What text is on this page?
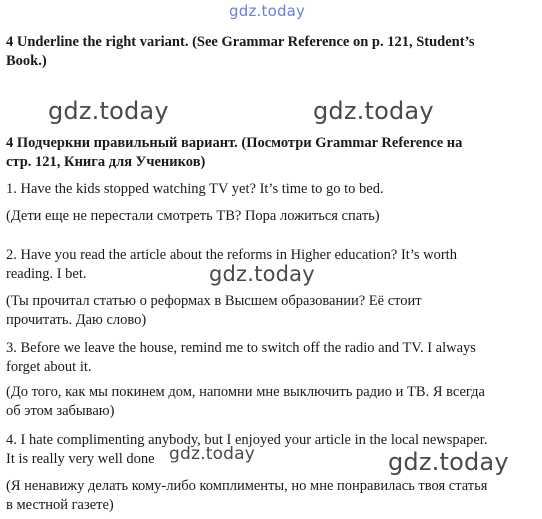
gdz.today
gdz.today	gdz.today
gdz.today
gdz.today	gdz.today
4 Underline the right variant. (See Grammar Reference on p. 121, Student’s
Book.)
4 Подчеркни правильный вариант. (Посмотри Grammar Reference на
стр. 121, Книга для Учеников)
1. Have the kids stopped watching TV yet? It’s time to go to bed.
(Дети еще не перестали смотреть ТВ? Пора ложиться спать)
2. Have you read the article about the reforms in Higher education? It’s worth
reading. I bet.
(Ты прочитал статью о реформах в Высшем образовании? Её стоит
прочитать. Даю слово)
3. Before we leave the house, remind me to switch off the radio and TV. I always
forget about it.
(До того, как мы покинем дом, напомни мне выключить радио и ТВ. Я всегда
об этом забываю)
4. I hate complimenting anybody, but I enjoyed your article in the local newspaper.
It is really very well done
(Я ненавижу делать кому-либо комплименты, но мне понравилась твоя статья
в местной газете)
